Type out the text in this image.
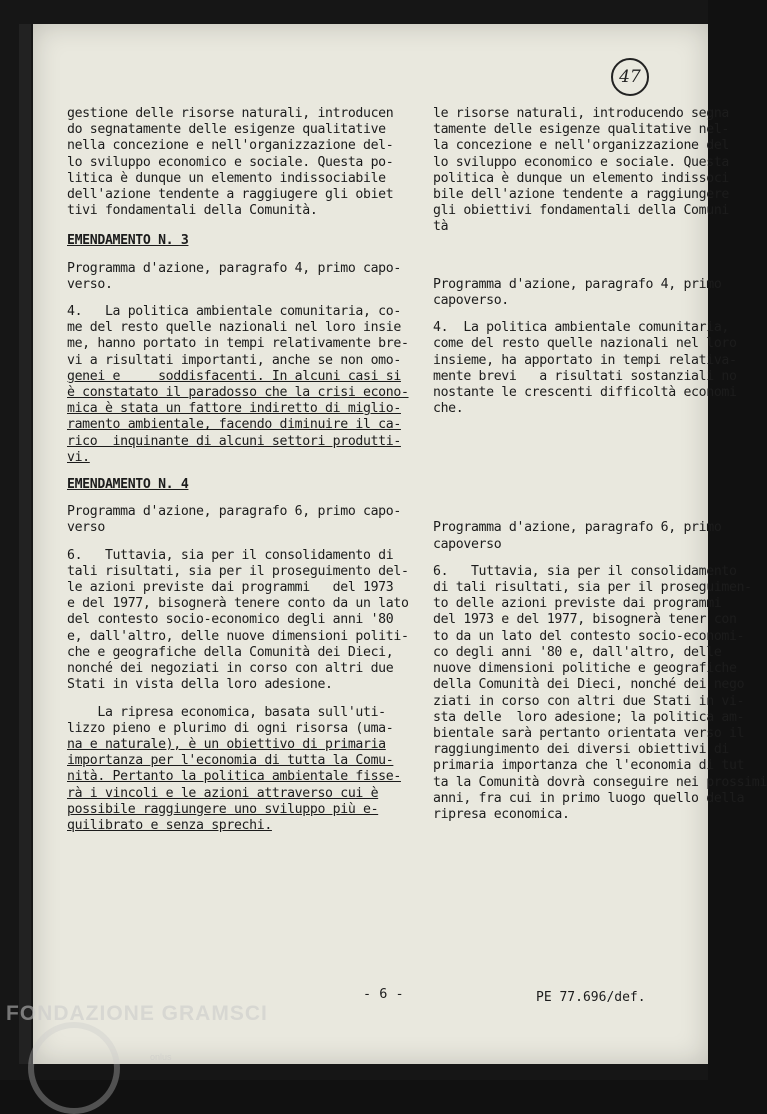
47

gestione delle risorse naturali, introducen

do segnatamente delle esigenze qualitative

nella concezione e nell'organizzazione del-

lo sviluppo economico e sociale. Questa po-

litica è dunque un elemento indissociabile

dell'azione tendente a raggiugere gli obiet

tivi fondamentali della Comunità.

EMENDAMENTO N. 3

Programma d'azione, paragrafo 4, primo capo-

verso.

4.   La politica ambientale comunitaria, co-

me del resto quelle nazionali nel loro insie

me, hanno portato in tempi relativamente bre-

vi a risultati importanti, anche se non omo-

genei e     soddisfacenti. In alcuni casi si

è constatato il paradosso che la crisi econo-

mica è stata un fattore indiretto di miglio-

ramento ambientale, facendo diminuire il ca-

rico  inquinante di alcuni settori produtti-

vi.

EMENDAMENTO N. 4

Programma d'azione, paragrafo 6, primo capo-

verso

6.   Tuttavia, sia per il consolidamento di

tali risultati, sia per il proseguimento del-

le azioni previste dai programmi   del 1973

e del 1977, bisognerà tenere conto da un lato

del contesto socio-economico degli anni '80

e, dall'altro, delle nuove dimensioni politi-

che e geografiche della Comunità dei Dieci,

nonché dei negoziati in corso con altri due

Stati in vista della loro adesione.

La ripresa economica, basata sull'uti-

lizzo pieno e plurimo di ogni risorsa (uma-

na e naturale), è un obiettivo di primaria

importanza per l'economia di tutta la Comu-

nità. Pertanto la politica ambientale fisse-

rà i vincoli e le azioni attraverso cui è

possibile raggiungere uno sviluppo più e-

quilibrato e senza sprechi.

le risorse naturali, introducendo segna

tamente delle esigenze qualitative nel-

la concezione e nell'organizzazione del

lo sviluppo economico e sociale. Questa

politica è dunque un elemento indissoci

bile dell'azione tendente a raggiungere

gli obiettivi fondamentali della Comuni

tà

Programma d'azione, paragrafo 4, primo

capoverso.

4.  La politica ambientale comunitaria,

come del resto quelle nazionali nel loro

insieme, ha apportato in tempi relativa-

mente brevi   a risultati sostanziali no

nostante le crescenti difficoltà economi

che.

Programma d'azione, paragrafo 6, primo

capoverso

6.   Tuttavia, sia per il consolidamento

di tali risultati, sia per il proseguimen-

to delle azioni previste dai programmi

del 1973 e del 1977, bisognerà tener con

to da un lato del contesto socio-economi-

co degli anni '80 e, dall'altro, delle

nuove dimensioni politiche e geografiche

della Comunità dei Dieci, nonché dei nego

ziati in corso con altri due Stati in vi-

sta delle  loro adesione; la politica am-

bientale sarà pertanto orientata verso il

raggiungimento dei diversi obiettivi di

primaria importanza che l'economia di tut

ta la Comunità dovrà conseguire nei prossimi

anni, fra cui in primo luogo quello della

ripresa economica.

- 6 -	PE 77.696/def.
FONDAZIONE GRAMSCI
onlus
